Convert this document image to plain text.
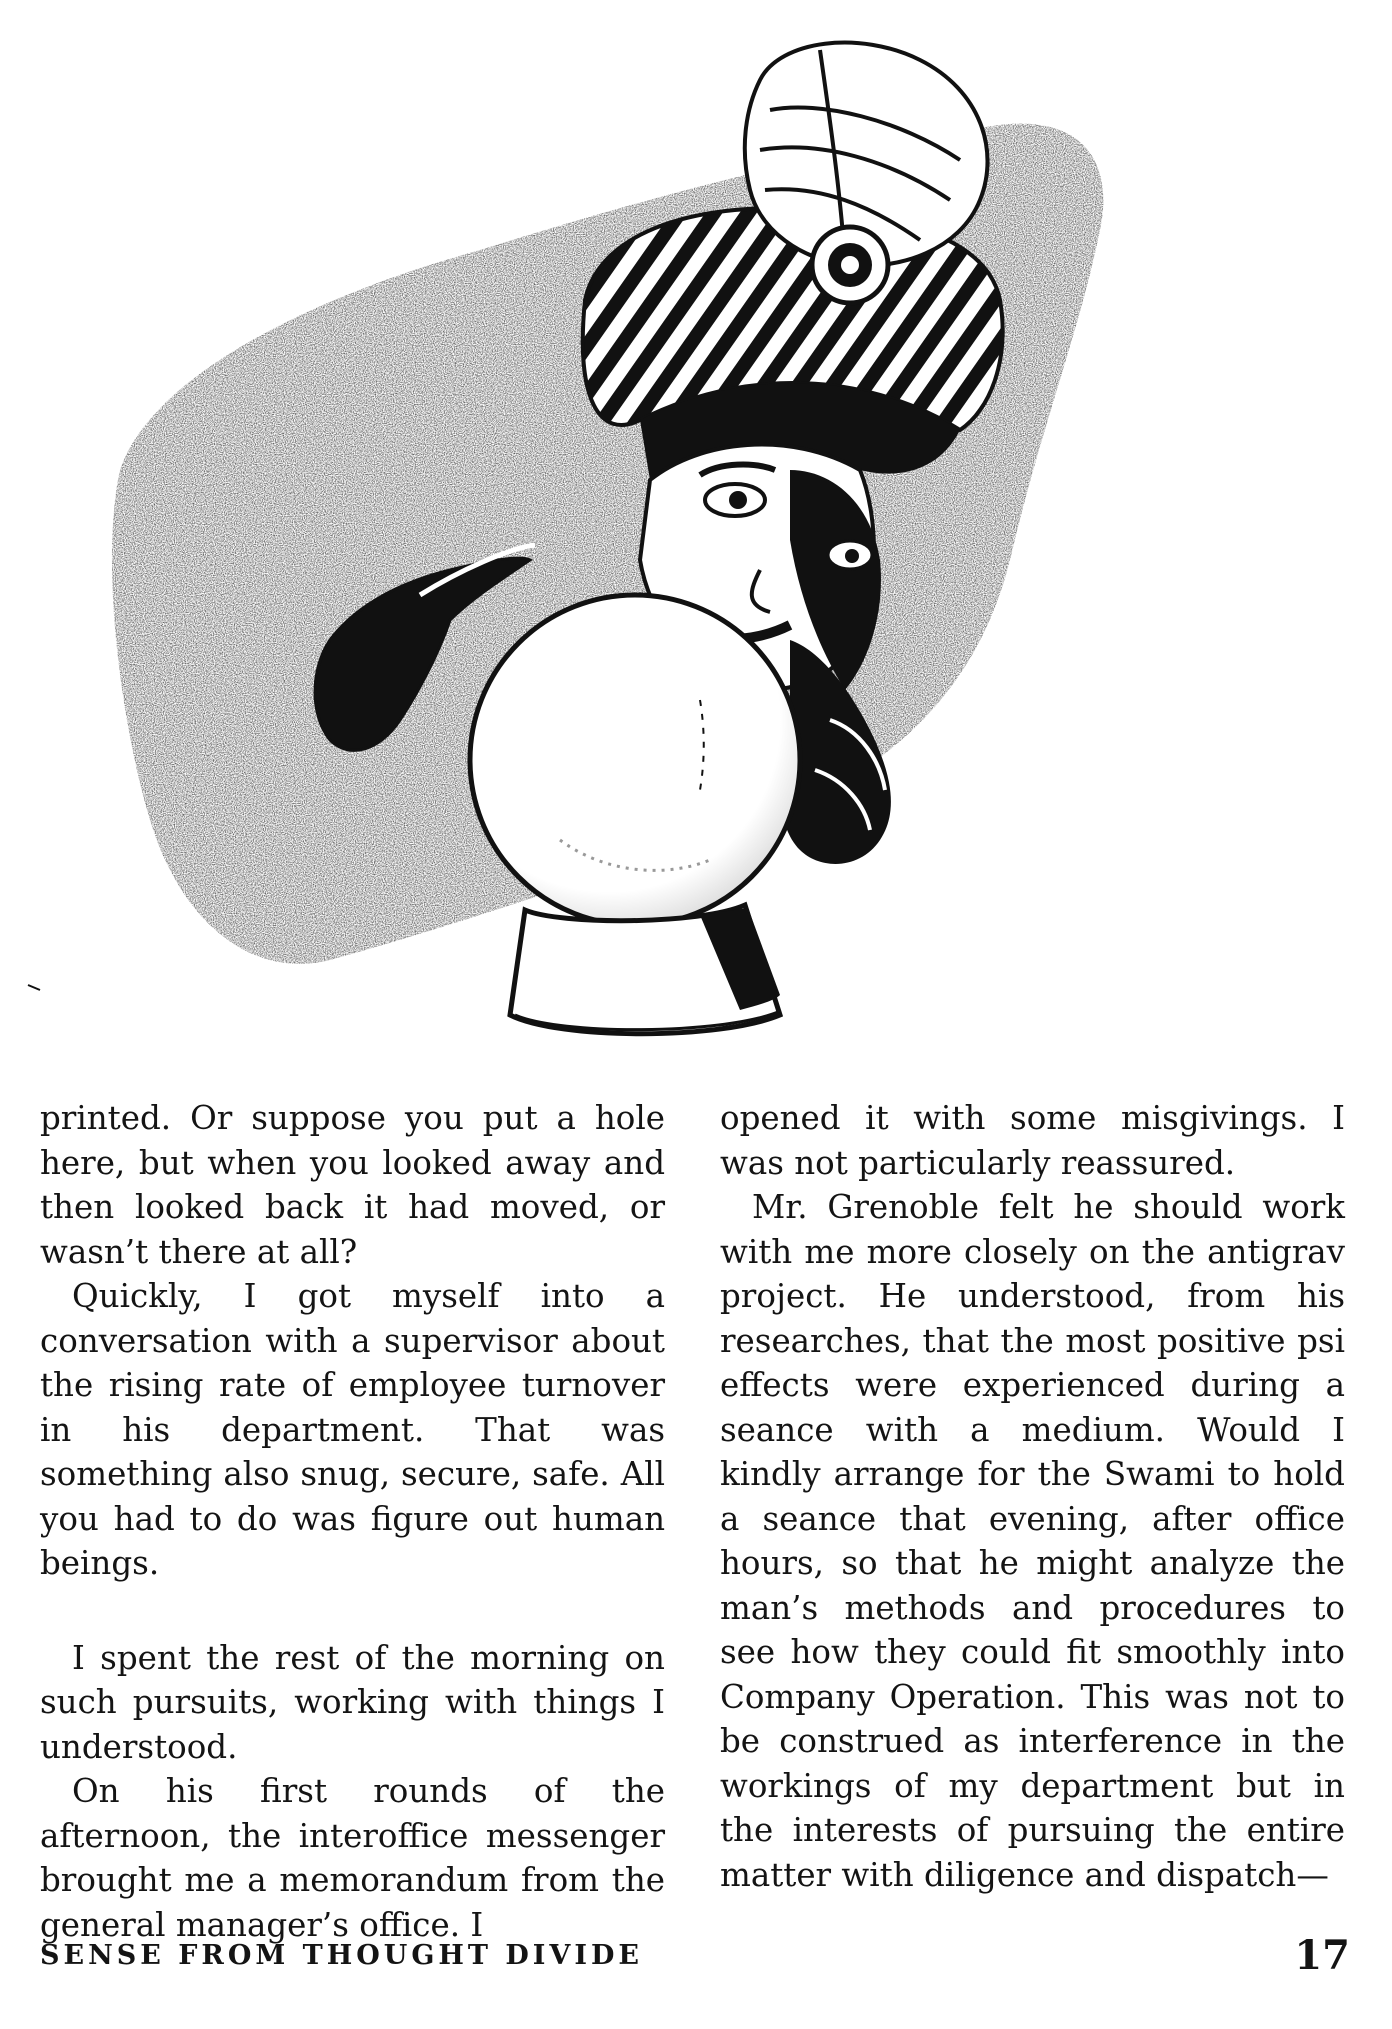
printed. Or suppose you put a hole here, but when you looked away and then looked back it had moved, or wasn’t there at all?

Quickly, I got myself into a conversation with a supervisor about the rising rate of employee turnover in his department. That was something also snug, secure, safe. All you had to do was figure out human beings.

I spent the rest of the morning on such pursuits, working with things I understood.

On his first rounds of the afternoon, the interoffice messenger brought me a memorandum from the general manager’s office. I

opened it with some misgivings. I was not particularly reassured.

Mr. Grenoble felt he should work with me more closely on the antigrav project. He understood, from his researches, that the most positive psi effects were experienced during a seance with a medium. Would I kindly arrange for the Swami to hold a seance that evening, after office hours, so that he might analyze the man’s methods and procedures to see how they could fit smoothly into Company Operation. This was not to be construed as interference in the workings of my department but in the interests of pursuing the entire matter with diligence and dispatch—

SENSE FROM THOUGHT DIVIDE	17
